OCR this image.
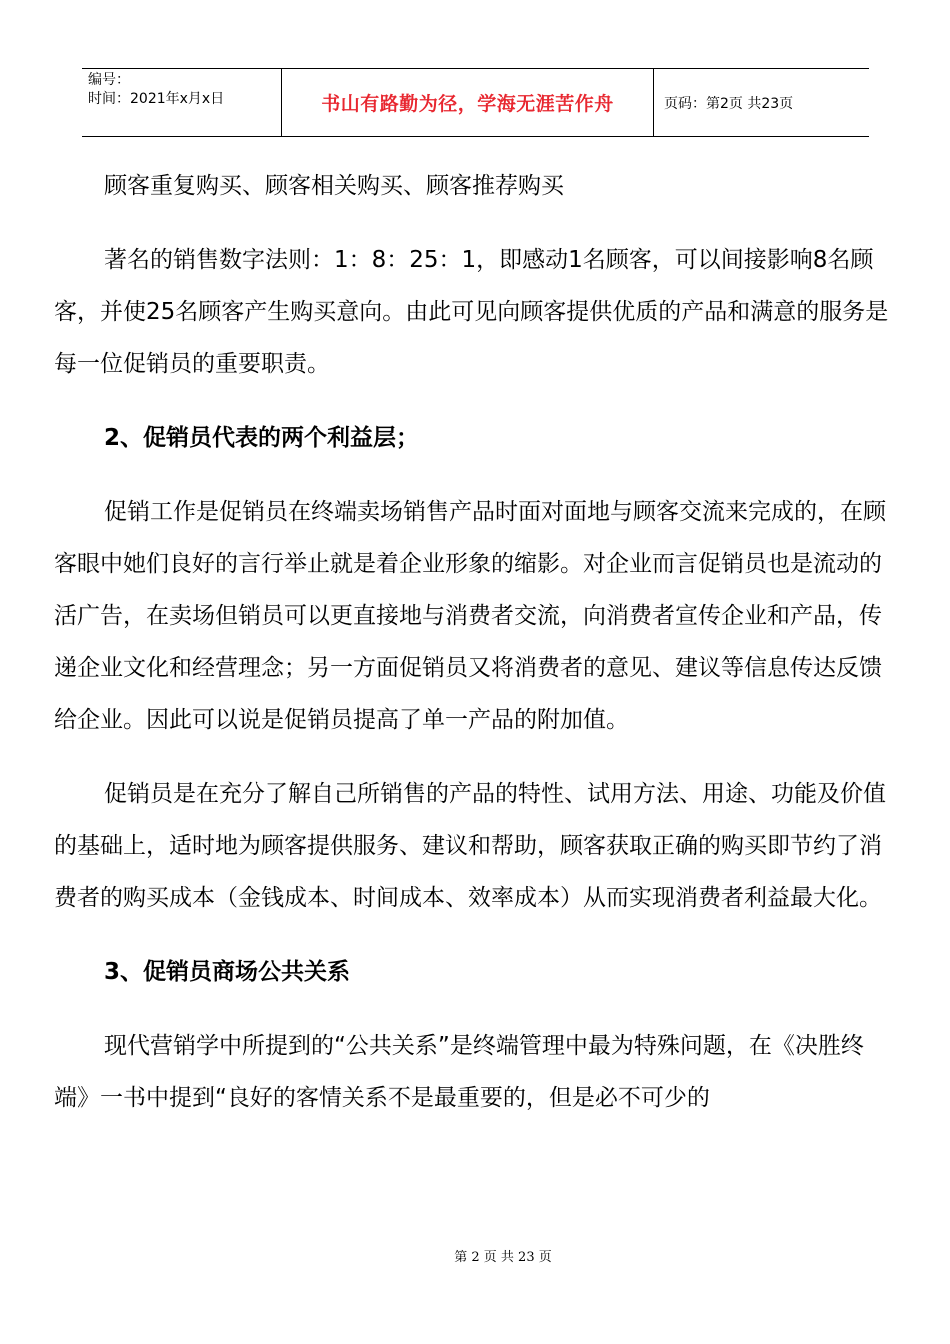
编号：
时间：2021年x月x日	书山有路勤为径，学海无涯苦作舟	页码：第2页 共23页

顾客重复购买、顾客相关购买、顾客推荐购买

著名的销售数字法则：1：8：25：1，即感动1名顾客，可以间接影响8名顾客，并使25名顾客产生购买意向。由此可见向顾客提供优质的产品和满意的服务是每一位促销员的重要职责。

2、促销员代表的两个利益层；

促销工作是促销员在终端卖场销售产品时面对面地与顾客交流来完成的，在顾客眼中她们良好的言行举止就是着企业形象的缩影。对企业而言促销员也是流动的活广告，在卖场但销员可以更直接地与消费者交流，向消费者宣传企业和产品，传递企业文化和经营理念；另一方面促销员又将消费者的意见、建议等信息传达反馈给企业。因此可以说是促销员提高了单一产品的附加值。

促销员是在充分了解自己所销售的产品的特性、试用方法、用途、功能及价值的基础上，适时地为顾客提供服务、建议和帮助，顾客获取正确的购买即节约了消费者的购买成本（金钱成本、时间成本、效率成本）从而实现消费者利益最大化。

3、促销员商场公共关系

现代营销学中所提到的“公共关系”是终端管理中最为特殊问题，在《决胜终端》一书中提到“良好的客情关系不是最重要的，但是必不可少的

第 2 页 共 23 页
